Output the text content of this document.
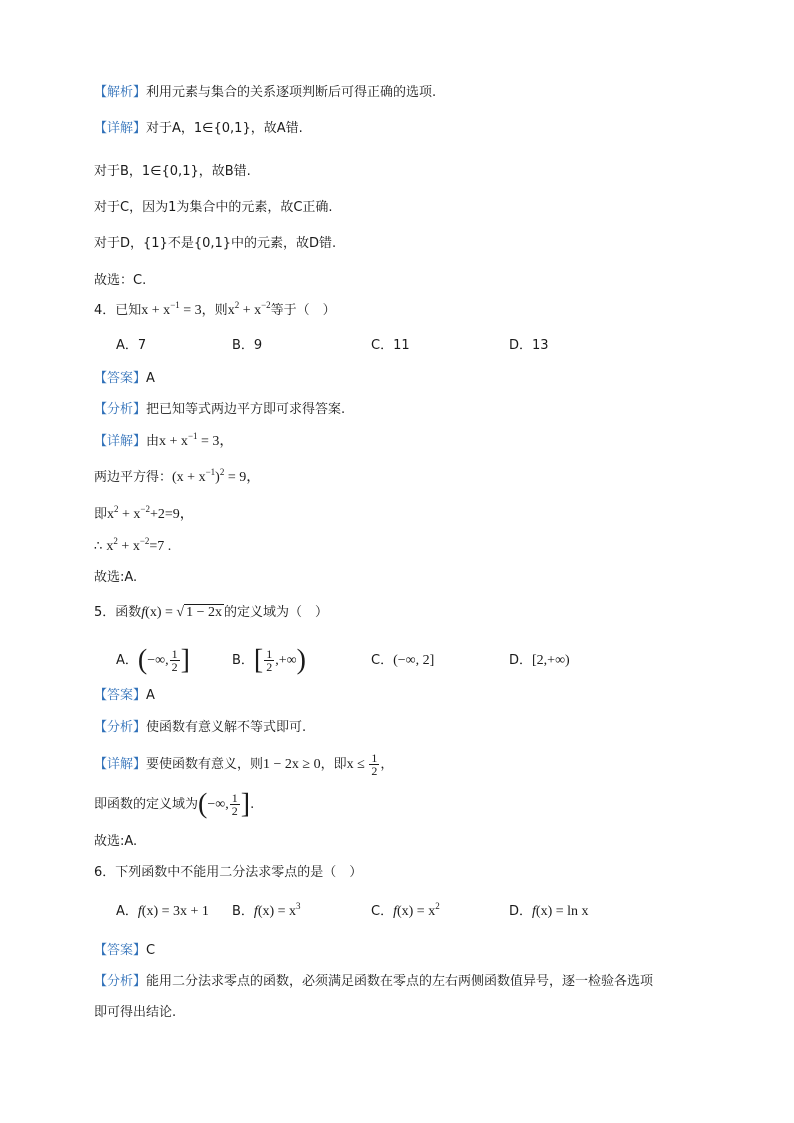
【解析】利用元素与集合的关系逐项判断后可得正确的选项.
【详解】对于A，1∈{0,1}，故A错.
对于B，1∈{0,1}，故B错.
对于C，因为1为集合中的元素，故C正确.
对于D，{1}不是{0,1}中的元素，故D错.
故选：C.
4．已知$x + x^{-1} = 3$，则$x^2 + x^{-2}$等于（　）
A．7	B．9	C．11	D．13
【答案】A
【分析】把已知等式两边平方即可求得答案.
【详解】由$x + x^{-1} = 3$，
两边平方得：$(x + x^{-1})^2 = 9$，
即$x^2 + x^{-2}+2=9$，
∴ $x^2 + x^{-2}=7$ .
故选:A.
5．函数f(x) = √ 1 − 2x 的定义域为（　）
A．(−∞, $\frac{1}{2}$ ]	B．[ $\frac{1}{2}$ ,+∞)	C．(−∞, 2]	D．[2,+∞)
【答案】A
【分析】使函数有意义解不等式即可.
【详解】要使函数有意义，则1 − 2x ≥ 0，即$x \le \frac{1}{2}$ ，
即函数的定义域为(−∞, $\frac{1}{2}$ ].
故选:A.
6．下列函数中不能用二分法求零点的是（　）
A．f(x) = 3x + 1 B．$f(x) = x^3$	C．$f(x) = x^2$	D．f(x) = ln x
【答案】C
【分析】能用二分法求零点的函数，必须满足函数在零点的左右两侧函数值异号，逐一检验各选项
即可得出结论.
